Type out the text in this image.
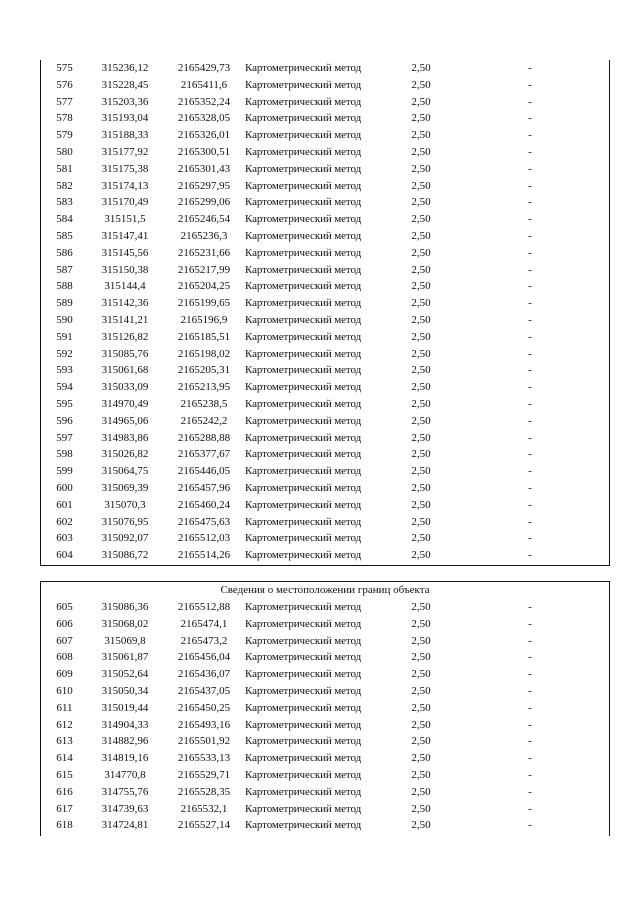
575	315236,12	2165429,73	Картометрический метод	2,50	-
576	315228,45	2165411,6	Картометрический метод	2,50	-
577	315203,36	2165352,24	Картометрический метод	2,50	-
578	315193,04	2165328,05	Картометрический метод	2,50	-
579	315188,33	2165326,01	Картометрический метод	2,50	-
580	315177,92	2165300,51	Картометрический метод	2,50	-
581	315175,38	2165301,43	Картометрический метод	2,50	-
582	315174,13	2165297,95	Картометрический метод	2,50	-
583	315170,49	2165299,06	Картометрический метод	2,50	-
584	315151,5	2165246,54	Картометрический метод	2,50	-
585	315147,41	2165236,3	Картометрический метод	2,50	-
586	315145,56	2165231,66	Картометрический метод	2,50	-
587	315150,38	2165217,99	Картометрический метод	2,50	-
588	315144,4	2165204,25	Картометрический метод	2,50	-
589	315142,36	2165199,65	Картометрический метод	2,50	-
590	315141,21	2165196,9	Картометрический метод	2,50	-
591	315126,82	2165185,51	Картометрический метод	2,50	-
592	315085,76	2165198,02	Картометрический метод	2,50	-
593	315061,68	2165205,31	Картометрический метод	2,50	-
594	315033,09	2165213,95	Картометрический метод	2,50	-
595	314970,49	2165238,5	Картометрический метод	2,50	-
596	314965,06	2165242,2	Картометрический метод	2,50	-
597	314983,86	2165288,88	Картометрический метод	2,50	-
598	315026,82	2165377,67	Картометрический метод	2,50	-
599	315064,75	2165446,05	Картометрический метод	2,50	-
600	315069,39	2165457,96	Картометрический метод	2,50	-
601	315070,3	2165460,24	Картометрический метод	2,50	-
602	315076,95	2165475,63	Картометрический метод	2,50	-
603	315092,07	2165512,03	Картометрический метод	2,50	-
604	315086,72	2165514,26	Картометрический метод	2,50	-
Сведения о местоположении границ объекта
605	315086,36	2165512,88	Картометрический метод	2,50	-
606	315068,02	2165474,1	Картометрический метод	2,50	-
607	315069,8	2165473,2	Картометрический метод	2,50	-
608	315061,87	2165456,04	Картометрический метод	2,50	-
609	315052,64	2165436,07	Картометрический метод	2,50	-
610	315050,34	2165437,05	Картометрический метод	2,50	-
611	315019,44	2165450,25	Картометрический метод	2,50	-
612	314904,33	2165493,16	Картометрический метод	2,50	-
613	314882,96	2165501,92	Картометрический метод	2,50	-
614	314819,16	2165533,13	Картометрический метод	2,50	-
615	314770,8	2165529,71	Картометрический метод	2,50	-
616	314755,76	2165528,35	Картометрический метод	2,50	-
617	314739,63	2165532,1	Картометрический метод	2,50	-
618	314724,81	2165527,14	Картометрический метод	2,50	-
